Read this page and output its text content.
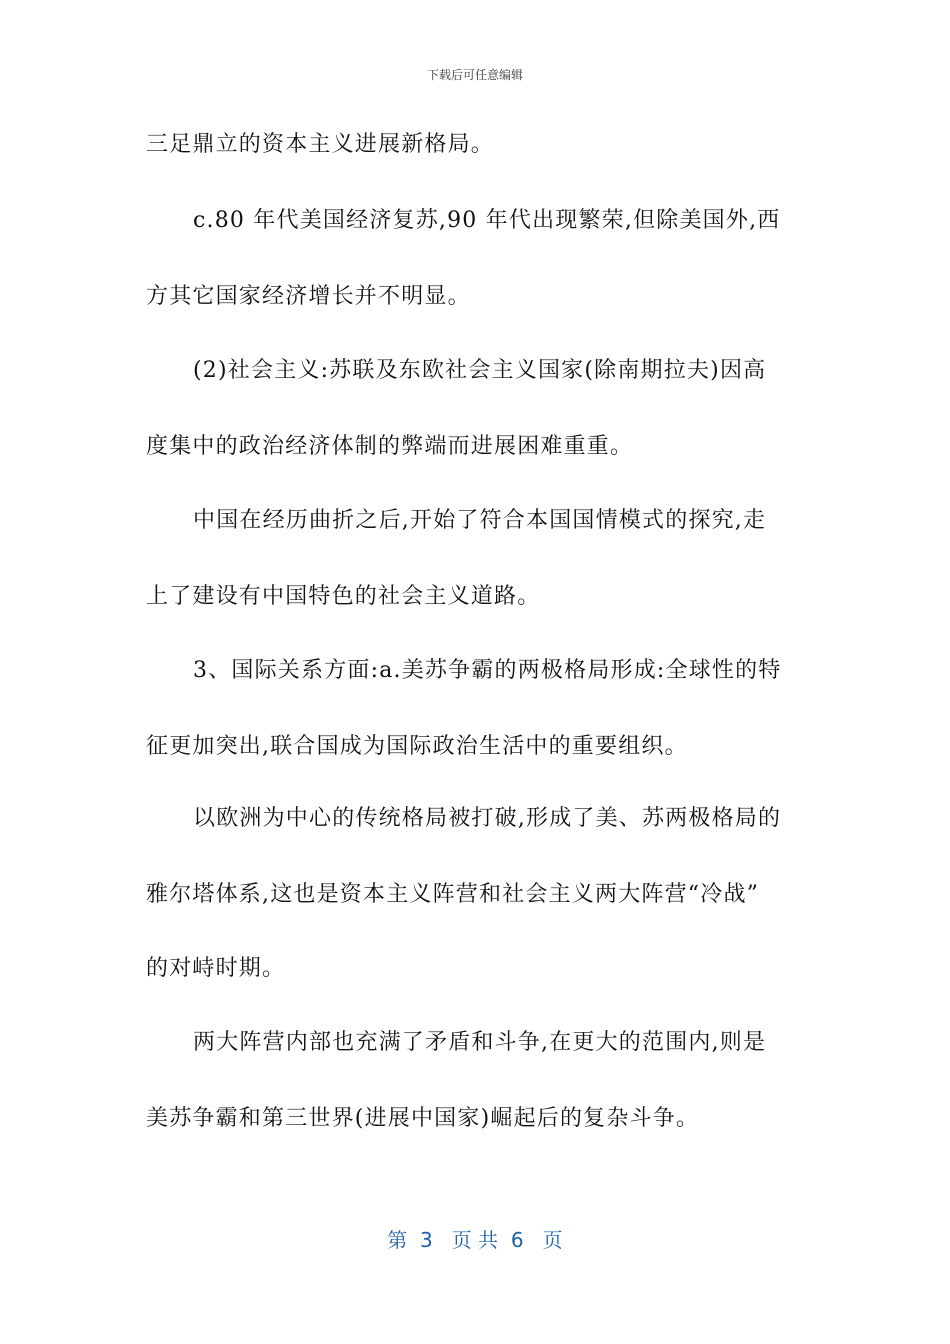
下载后可任意编辑
三足鼎立的资本主义进展新格局。
c.80 年代美国经济复苏,90 年代出现繁荣,但除美国外,西
方其它国家经济增长并不明显。
(2)社会主义:苏联及东欧社会主义国家(除南期拉夫)因高
度集中的政治经济体制的弊端而进展困难重重。
中国在经历曲折之后,开始了符合本国国情模式的探究,走
上了建设有中国特色的社会主义道路。
3、国际关系方面:a.美苏争霸的两极格局形成:全球性的特
征更加突出,联合国成为国际政治生活中的重要组织。
以欧洲为中心的传统格局被打破,形成了美、苏两极格局的
雅尔塔体系,这也是资本主义阵营和社会主义两大阵营“冷战”
的对峙时期。
两大阵营内部也充满了矛盾和斗争,在更大的范围内,则是
美苏争霸和第三世界(进展中国家)崛起后的复杂斗争。
第  3   页 共  6   页
